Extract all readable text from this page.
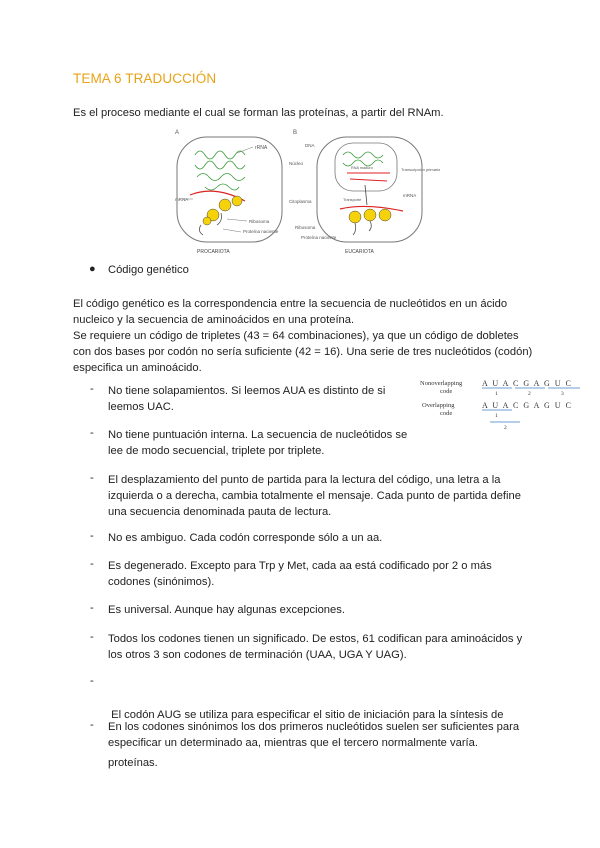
TEMA 6 TRADUCCIÓN
Es el proceso mediante el cual se forman las proteínas, a partir del RNAm.
A
rRNA
mRNA
Ribosoma
Proteína naciente
PROCARIOTA
B
DNA
Núcleo
Transcripción primaria
RNA maduro
mRNA
Citoplasma	Transporte
Ribosoma
Proteína naciente
EUCARIOTA
● Código genético
El código genético es la correspondencia entre la secuencia de nucleótidos en un ácido
nucleico y la secuencia de aminoácidos en una proteína.
Se requiere un código de tripletes (43 = 64 combinaciones), ya que un código de dobletes
con dos bases por codón no sería suficiente (42 = 16). Una serie de tres nucleótidos (codón)
especifica un aminoácido.
Nonoverlapping
code
A U A C G A G U C
1	2	3
Overlapping
code
A U A C G A G U C
1
2
- No tiene solapamientos. Si leemos AUA es distinto de si
leemos UAC.
- No tiene puntuación interna. La secuencia de nucleótidos se
lee de modo secuencial, triplete por triplete.
- El desplazamiento del punto de partida para la lectura del código, una letra a la
izquierda o a derecha, cambia totalmente el mensaje. Cada punto de partida define
una secuencia denominada pauta de lectura.
- No es ambiguo. Cada codón corresponde sólo a un aa.
- Es degenerado. Excepto para Trp y Met, cada aa está codificado por 2 o más
codones (sinónimos).
- Es universal. Aunque hay algunas excepciones.
- Todos los codones tienen un significado. De estos, 61 codifican para aminoácidos y
los otros 3 son codones de terminación (UAA, UGA Y UAG).
-

El codón AUG se utiliza para especificar el sitio de iniciación para la síntesis de

proteínas.

- En los codones sinónimos los dos primeros nucleótidos suelen ser suficientes para
especificar un determinado aa, mientras que el tercero normalmente varía.
